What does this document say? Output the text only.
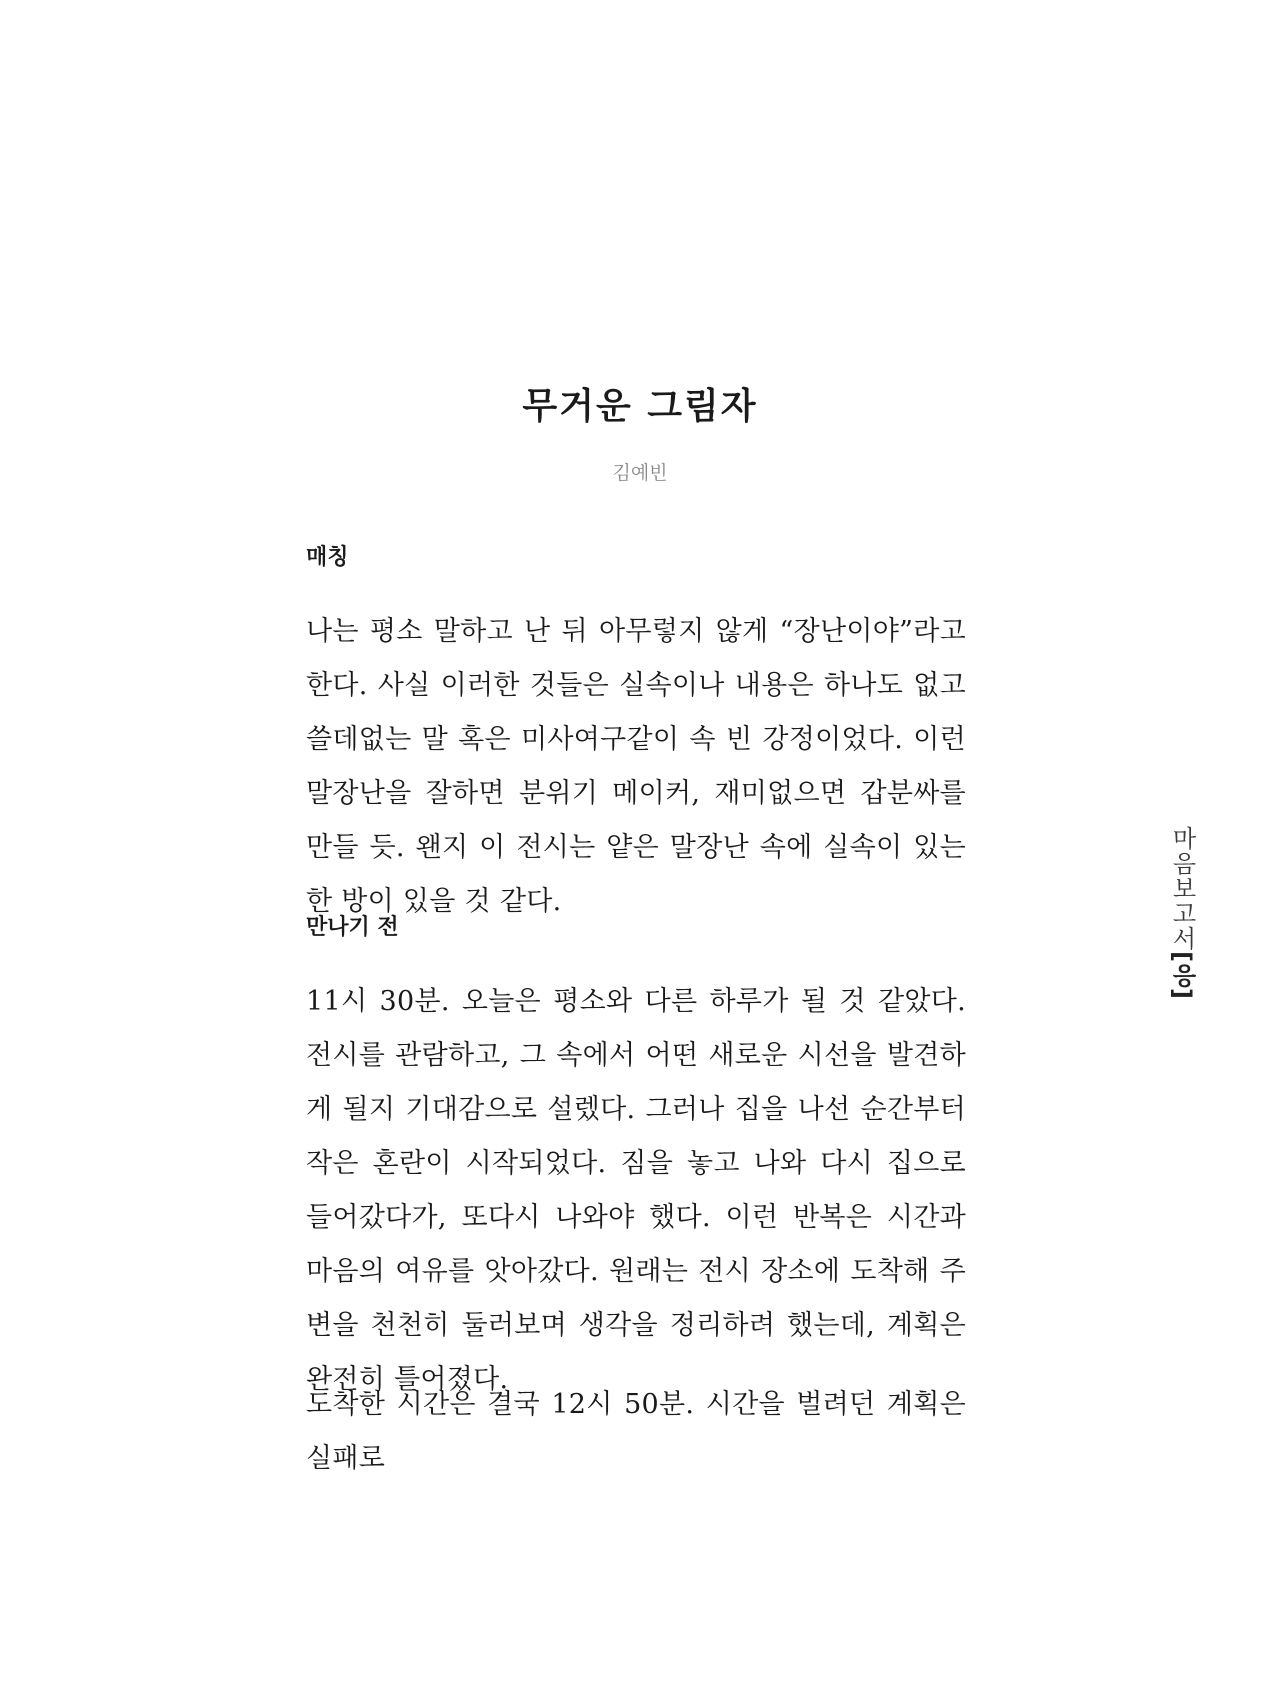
무거운 그림자
김예빈

매칭

나는 평소 말하고 난 뒤 아무렇지 않게 “장난이야”라고 한다. 사실 이러한 것들은 실속이나 내용은 하나도 없고 쓸데없는 말 혹은 미사여구같이 속 빈 강정이었다. 이런 말장난을 잘하면 분위기 메이커, 재미없으면 갑분싸를 만들 듯. 왠지 이 전시는 얕은 말장난 속에 실속이 있는 한 방이 있을 것 같다.

만나기 전

11시 30분. 오늘은 평소와 다른 하루가 될 것 같았다. 전시를 관람하고, 그 속에서 어떤 새로운 시선을 발견하게 될지 기대감으로 설렜다. 그러나 집을 나선 순간부터 작은 혼란이 시작되었다. 짐을 놓고 나와 다시 집으로 들어갔다가, 또다시 나와야 했다. 이런 반복은 시간과 마음의 여유를 앗아갔다. 원래는 전시 장소에 도착해 주변을 천천히 둘러보며 생각을 정리하려 했는데, 계획은 완전히 틀어졌다.

도착한 시간은 결국 12시 50분. 시간을 벌려던 계획은 실패로

마음보고서[응]
